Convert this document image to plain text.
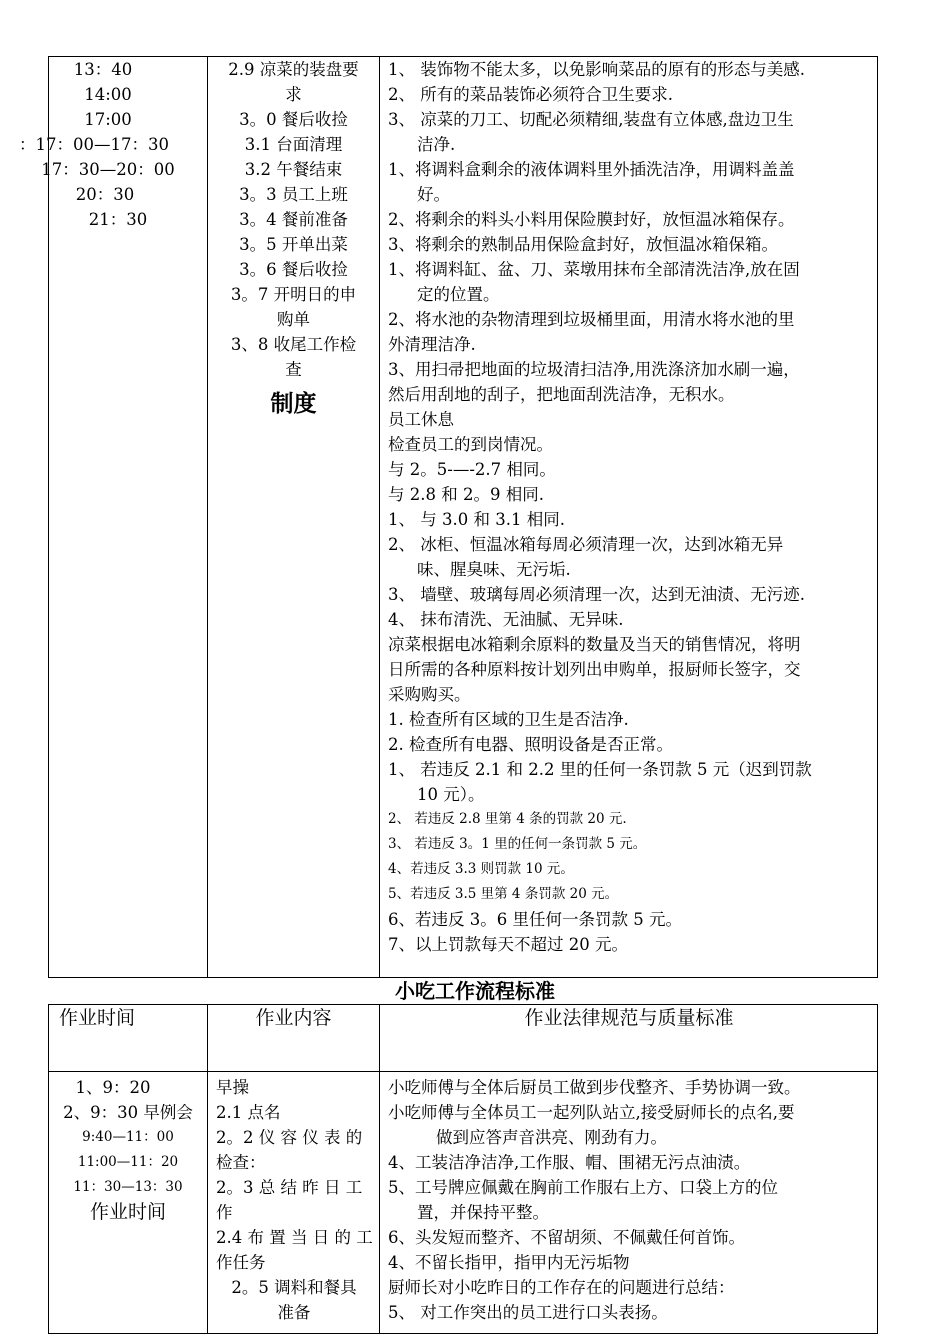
13：40
14:00
17:00
：17：00—17：30
17：30—20：00
20：30
21：30
2.9 凉菜的装盘要
求
3。0 餐后收捡
3.1 台面清理
3.2 午餐结束
3。3 员工上班
3。4 餐前准备
3。5 开单出菜
3。6 餐后收捡
3。7 开明日的申
购单
3、8 收尾工作检
查
制度
1、 装饰物不能太多，以免影响菜品的原有的形态与美感.
2、 所有的菜品装饰必须符合卫生要求.
3、 凉菜的刀工、切配必须精细,装盘有立体感,盘边卫生
洁净.
1、将调料盒剩余的液体调料里外插洗洁净，用调料盖盖
好。
2、将剩余的料头小料用保险膜封好，放恒温冰箱保存。
3、将剩余的熟制品用保险盒封好，放恒温冰箱保箱。
1、将调料缸、盆、刀、菜墩用抹布全部清洗洁净,放在固
定的位置。
2、将水池的杂物清理到垃圾桶里面，用清水将水池的里
外清理洁净.
3、用扫帚把地面的垃圾清扫洁净,用洗涤济加水刷一遍，
然后用刮地的刮子，把地面刮洗洁净，无积水。
员工休息
检查员工的到岗情况。
与 2。5-—-2.7 相同。
与 2.8 和 2。9 相同.
1、 与 3.0 和 3.1 相同.
2、 冰柜、恒温冰箱每周必须清理一次，达到冰箱无异
味、腥臭味、无污垢.
3、 墙壁、玻璃每周必须清理一次，达到无油渍、无污迹.
4、 抹布清洗、无油腻、无异味.
凉菜根据电冰箱剩余原料的数量及当天的销售情况，将明
日所需的各种原料按计划列出申购单，报厨师长签字，交
采购购买。
1. 检查所有区域的卫生是否洁净.
2. 检查所有电器、照明设备是否正常。
1、 若违反 2.1 和 2.2 里的任何一条罚款 5 元（迟到罚款
10 元）。
2、 若违反 2.8 里第 4 条的罚款 20 元.
3、 若违反 3。1 里的任何一条罚款 5 元。
4、若违反 3.3 则罚款 10 元。
5、若违反 3.5 里第 4 条罚款 20 元。
6、若违反 3。6 里任何一条罚款 5 元。
7、以上罚款每天不超过 20 元。
小吃工作流程标准
作业时间	作业内容	作业法律规范与质量标准
1、9：20
2、9：30 早例会
9:40—11：00
11:00—11：20
11：30—13：30
作业时间
早操
2.1 点名
2。2 仪 容 仪 表 的
检查：
2。3 总 结 昨 日 工
作
2.4 布 置 当 日 的 工
作任务
2。5 调料和餐具
准备
小吃师傅与全体后厨员工做到步伐整齐、手势协调一致。
小吃师傅与全体员工一起列队站立,接受厨师长的点名,要
做到应答声音洪亮、刚劲有力。
4、工装洁净洁净,工作服、帽、围裙无污点油渍。
5、工号牌应佩戴在胸前工作服右上方、口袋上方的位
置，并保持平整。
6、头发短而整齐、不留胡须、不佩戴任何首饰。
4、不留长指甲，指甲内无污垢物
厨师长对小吃昨日的工作存在的问题进行总结：
5、 对工作突出的员工进行口头表扬。
